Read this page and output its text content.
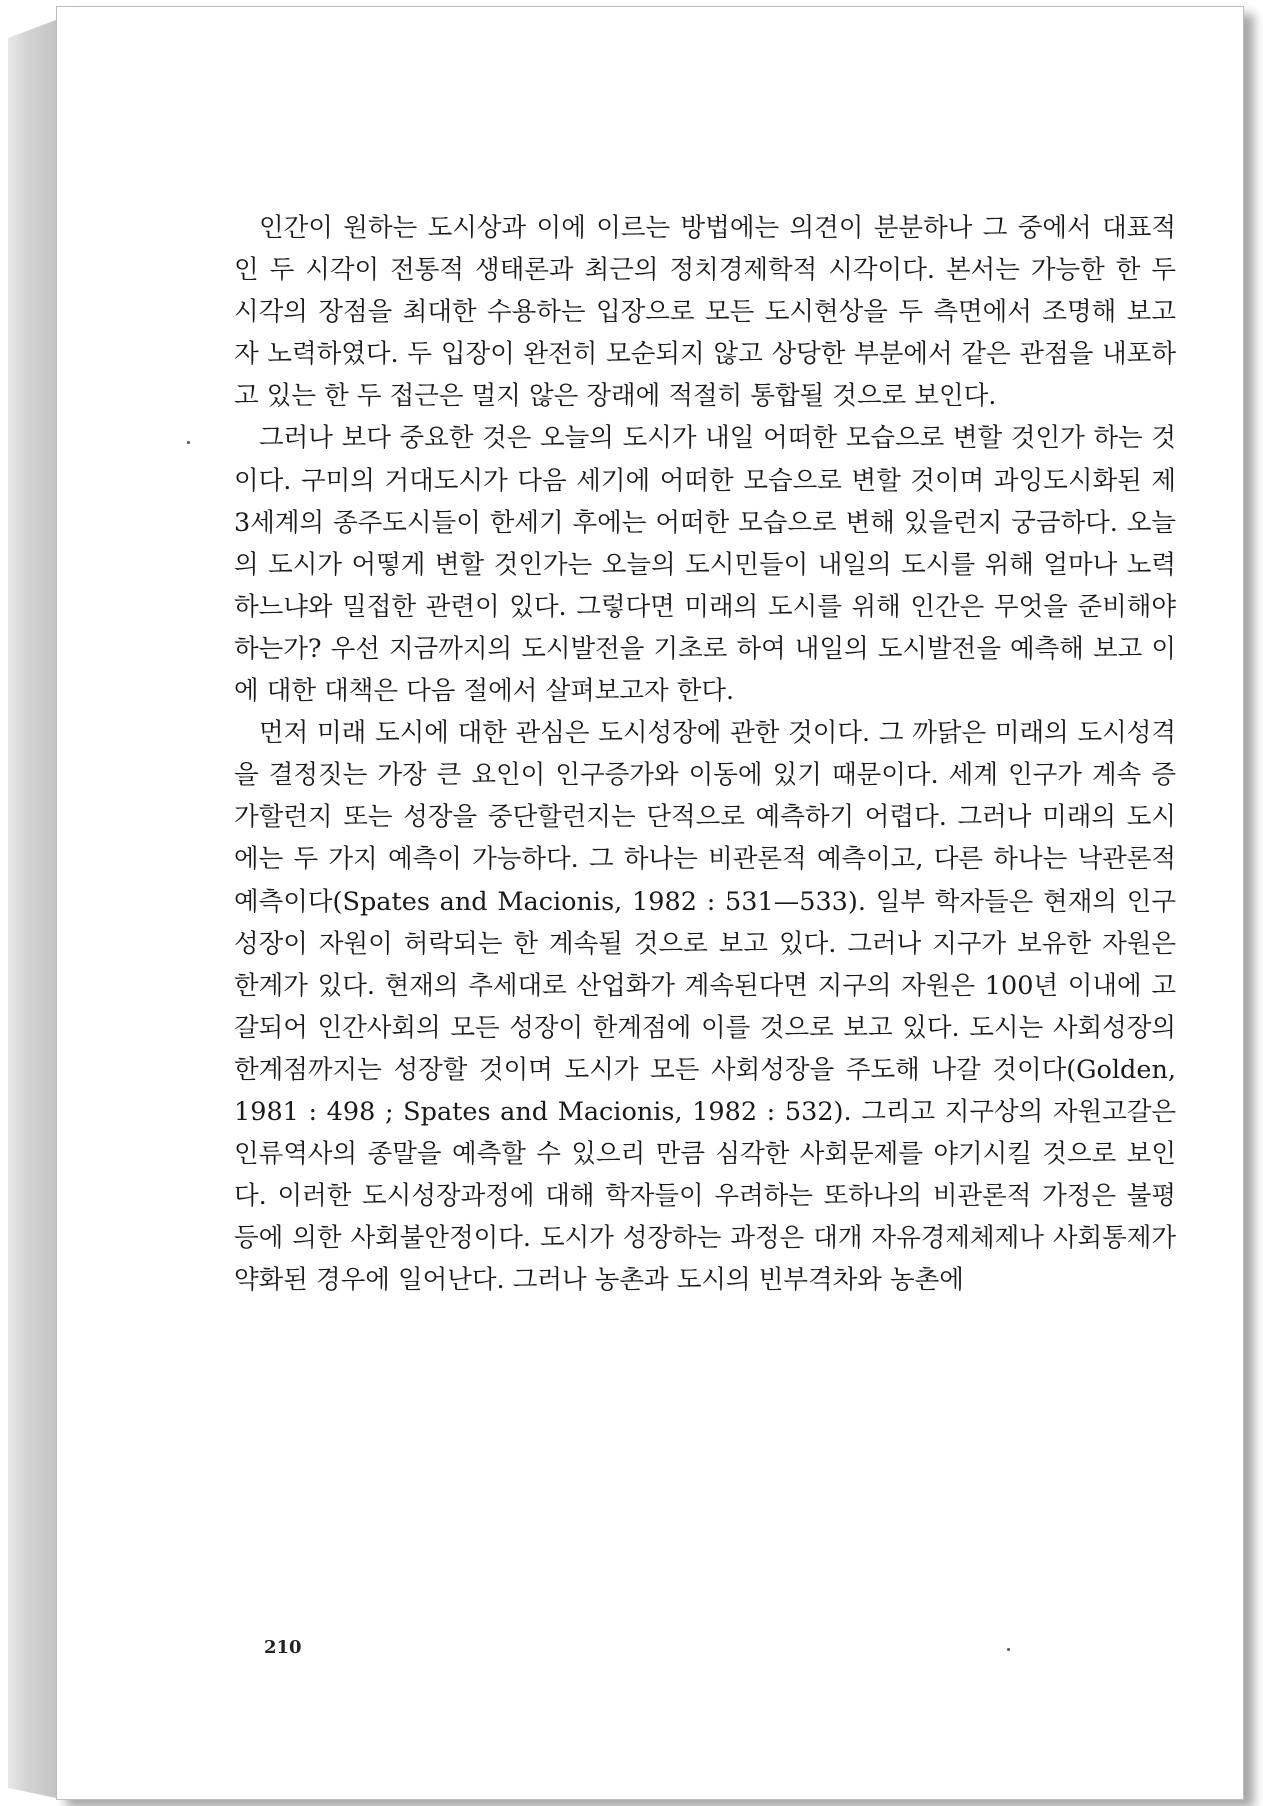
인간이 원하는 도시상과 이에 이르는 방법에는 의견이 분분하나 그 중에서 대표적인 두 시각이 전통적 생태론과 최근의 정치경제학적 시각이다. 본서는 가능한 한 두 시각의 장점을 최대한 수용하는 입장으로 모든 도시현상을 두 측면에서 조명해 보고자 노력하였다. 두 입장이 완전히 모순되지 않고 상당한 부분에서 같은 관점을 내포하고 있는 한 두 접근은 멀지 않은 장래에 적절히 통합될 것으로 보인다.

그러나 보다 중요한 것은 오늘의 도시가 내일 어떠한 모습으로 변할 것인가 하는 것이다. 구미의 거대도시가 다음 세기에 어떠한 모습으로 변할 것이며 과잉도시화된 제3세계의 종주도시들이 한세기 후에는 어떠한 모습으로 변해 있을런지 궁금하다. 오늘의 도시가 어떻게 변할 것인가는 오늘의 도시민들이 내일의 도시를 위해 얼마나 노력하느냐와 밀접한 관련이 있다. 그렇다면 미래의 도시를 위해 인간은 무엇을 준비해야 하는가? 우선 지금까지의 도시발전을 기초로 하여 내일의 도시발전을 예측해 보고 이에 대한 대책은 다음 절에서 살펴보고자 한다.

먼저 미래 도시에 대한 관심은 도시성장에 관한 것이다. 그 까닭은 미래의 도시성격을 결정짓는 가장 큰 요인이 인구증가와 이동에 있기 때문이다. 세계 인구가 계속 증가할런지 또는 성장을 중단할런지는 단적으로 예측하기 어렵다. 그러나 미래의 도시에는 두 가지 예측이 가능하다. 그 하나는 비관론적 예측이고, 다른 하나는 낙관론적 예측이다(Spates and Macionis, 1982 : 531—533). 일부 학자들은 현재의 인구성장이 자원이 허락되는 한 계속될 것으로 보고 있다. 그러나 지구가 보유한 자원은 한계가 있다. 현재의 추세대로 산업화가 계속된다면 지구의 자원은 100년 이내에 고갈되어 인간사회의 모든 성장이 한계점에 이를 것으로 보고 있다. 도시는 사회성장의 한계점까지는 성장할 것이며 도시가 모든 사회성장을 주도해 나갈 것이다(Golden, 1981 : 498 ; Spates and Macionis, 1982 : 532). 그리고 지구상의 자원고갈은 인류역사의 종말을 예측할 수 있으리 만큼 심각한 사회문제를 야기시킬 것으로 보인다. 이러한 도시성장과정에 대해 학자들이 우려하는 또하나의 비관론적 가정은 불평등에 의한 사회불안정이다. 도시가 성장하는 과정은 대개 자유경제체제나 사회통제가 약화된 경우에 일어난다. 그러나 농촌과 도시의 빈부격차와 농촌에

210
